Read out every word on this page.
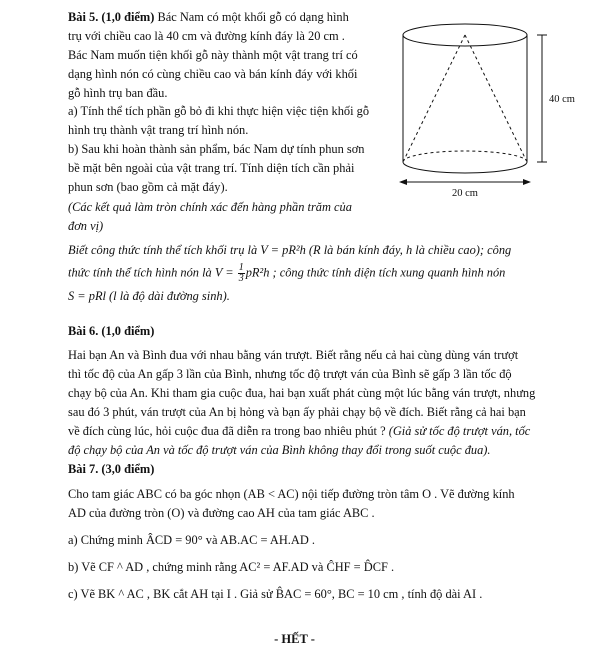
Bài 5. (1,0 điểm) Bác Nam có một khối gỗ có dạng hình

trụ với chiều cao là 40 cm và đường kính đáy là 20 cm .

Bác Nam muốn tiện khối gỗ này thành một vật trang trí có

dạng hình nón có cùng chiều cao và bán kính đáy với khối

gỗ hình trụ ban đầu.

a) Tính thể tích phần gỗ bỏ đi khi thực hiện việc tiện khối gỗ

hình trụ thành vật trang trí hình nón.

b) Sau khi hoàn thành sản phẩm, bác Nam dự tính phun sơn

bề mặt bên ngoài của vật trang trí. Tính diện tích cần phải

phun sơn (bao gồm cả mặt đáy).

(Các kết quả làm tròn chính xác đến hàng phần trăm của

đơn vị)

Biết công thức tính thể tích khối trụ là V = pR²h (R là bán kính đáy, h là chiều cao); công

thức tính thể tích hình nón là $V = \frac{1}{3} pR^2h$ ; công thức tính diện tích xung quanh hình nón

S = pRl (l là độ dài đường sinh).

40 cm
20 cm

Bài 6. (1,0 điểm)

Hai bạn An và Bình đua với nhau bằng ván trượt. Biết rằng nếu cả hai cùng dùng ván trượt

thì tốc độ của An gấp 3 lần của Bình, nhưng tốc độ trượt ván của Bình sẽ gấp 3 lần tốc độ

chạy bộ của An. Khi tham gia cuộc đua, hai bạn xuất phát cùng một lúc bằng ván trượt, nhưng

sau đó 3 phút, ván trượt của An bị hỏng và bạn ấy phải chạy bộ về đích. Biết rằng cả hai bạn

về đích cùng lúc, hỏi cuộc đua đã diễn ra trong bao nhiêu phút ? (Giả sử tốc độ trượt ván, tốc

độ chạy bộ của An và tốc độ trượt ván của Bình không thay đổi trong suốt cuộc đua).

Bài 7. (3,0 điểm)

Cho tam giác ABC có ba góc nhọn (AB < AC) nội tiếp đường tròn tâm O . Vẽ đường kính

AD của đường tròn (O) và đường cao AH của tam giác ABC .

a) Chứng minh ÂCD = 90° và AB.AC = AH.AD .

b) Vẽ CF ^ AD , chứng minh rằng AC² = AF.AD và ĈHF = D̂CF .

c) Vẽ BK ^ AC , BK cắt AH tại I . Giả sử B̂AC = 60°, BC = 10 cm , tính độ dài AI .

- HẾT -
